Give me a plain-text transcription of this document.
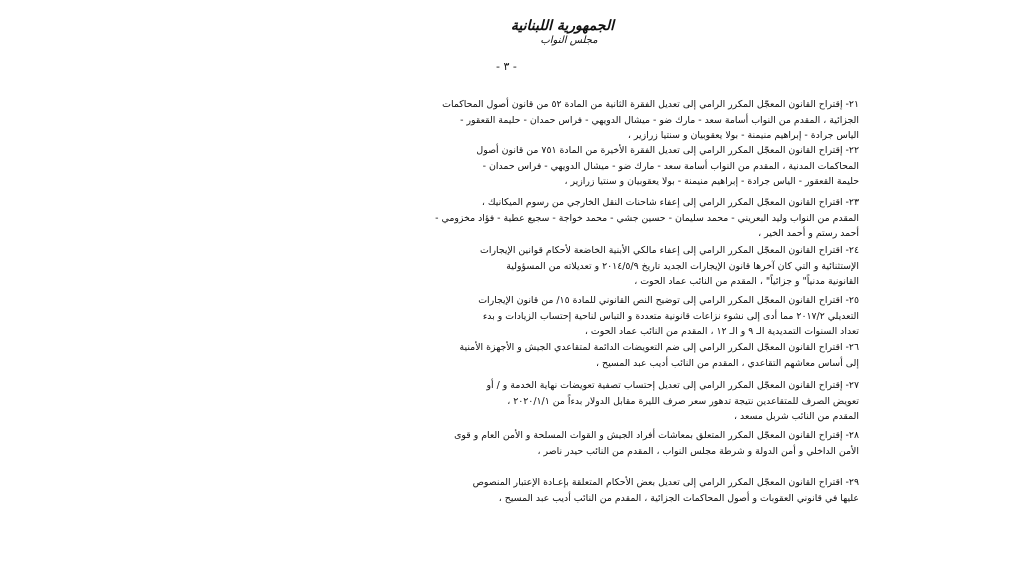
الجمهورية اللبنانية
مجلس النواب
- ٣ -
٢١- إقتراح القانون المعجّل المكرر الرامي إلى تعديل الفقرة الثانية من المادة ٥٢ من قانون أصول المحاكمات
الجزائية ، المقدم من النواب أسامة سعد - مارك ضو - ميشال الدويهي - فراس حمدان - حليمة القعقور -
الياس جرادة - إبراهيم منيمنة - بولا يعقوبيان و سنتيا زرازير ،
٢٢- إقتراح القانون المعجّل المكرر الرامي إلى تعديل الفقرة الأخيرة من المادة ٧٥١ من قانون أصول
المحاكمات المدنية ، المقدم من النواب أسامة سعد - مارك ضو - ميشال الدويهي - فراس حمدان -
حليمة القعقور - الياس جرادة - إبراهيم منيمنة - بولا يعقوبيان و سنتيا زرازير ،
٢٣- اقتراح القانون المعجّل المكرر الرامي إلى إعفاء شاحنات النقل الخارجي من رسوم الميكانيك ،
المقدم من النواب وليد البعريني - محمد سليمان - حسين جشي - محمد خواجة - سجيع عطية - فؤاد مخزومي -
أحمد رستم و أحمد الخير ،
٢٤- اقتراح القانون المعجّل المكرر الرامي إلى إعفاء مالكي الأبنية الخاضعة لأحكام قوانين الإيجارات
الإستثنائية و التي كان آخرها قانون الإيجارات الجديد تاريخ ٢٠١٤/٥/٩ و تعديلاته من المسؤولية
القانونية مدنياً" و جزائياً" ، المقدم من النائب عماد الحوت ،
٢٥- اقتراح القانون المعجّل المكرر الرامي إلى توضيح النص القانوني للمادة ١٥/ من قانون الإيجارات
التعديلي ٢٠١٧/٢ مما أدى إلى نشوء نزاعات قانونية متعددة و التباس لناحية إحتساب الزيادات و بدء
تعداد السنوات التمديدية الـ ٩ و الـ ١٢ ، المقدم من النائب عماد الحوت ،
٢٦- اقتراح القانون المعجّل المكرر الرامي إلى ضم التعويضات الدائمة لمتقاعدي الجيش و الأجهزة الأمنية
إلى أساس معاشهم التقاعدي ، المقدم من النائب أديب عبد المسيح ،
٢٧- إقتراح القانون المعجّل المكرر الرامي إلى تعديل إحتساب تصفية تعويضات نهاية الخدمة و / أو
تعويض الصرف للمتقاعدين نتيجة تدهور سعر صرف الليرة مقابل الدولار بدءاً من ٢٠٢٠/١/١ ،
المقدم من النائب شربل مسعد ،
٢٨- إقتراح القانون المعجّل المكرر المتعلق بمعاشات أفراد الجيش و القوات المسلحة و الأمن العام و قوى
الأمن الداخلي و أمن الدولة و شرطة مجلس النواب ، المقدم من النائب حيدر ناصر ،
٢٩- اقتراح القانون المعجّل المكرر الرامي إلى تعديل بعض الأحكام المتعلقة بإعـادة الإعتبار المنصوص
عليها في قانوني العقوبات و أصول المحاكمات الجزائية ، المقدم من النائب أديب عبد المسيح ،
